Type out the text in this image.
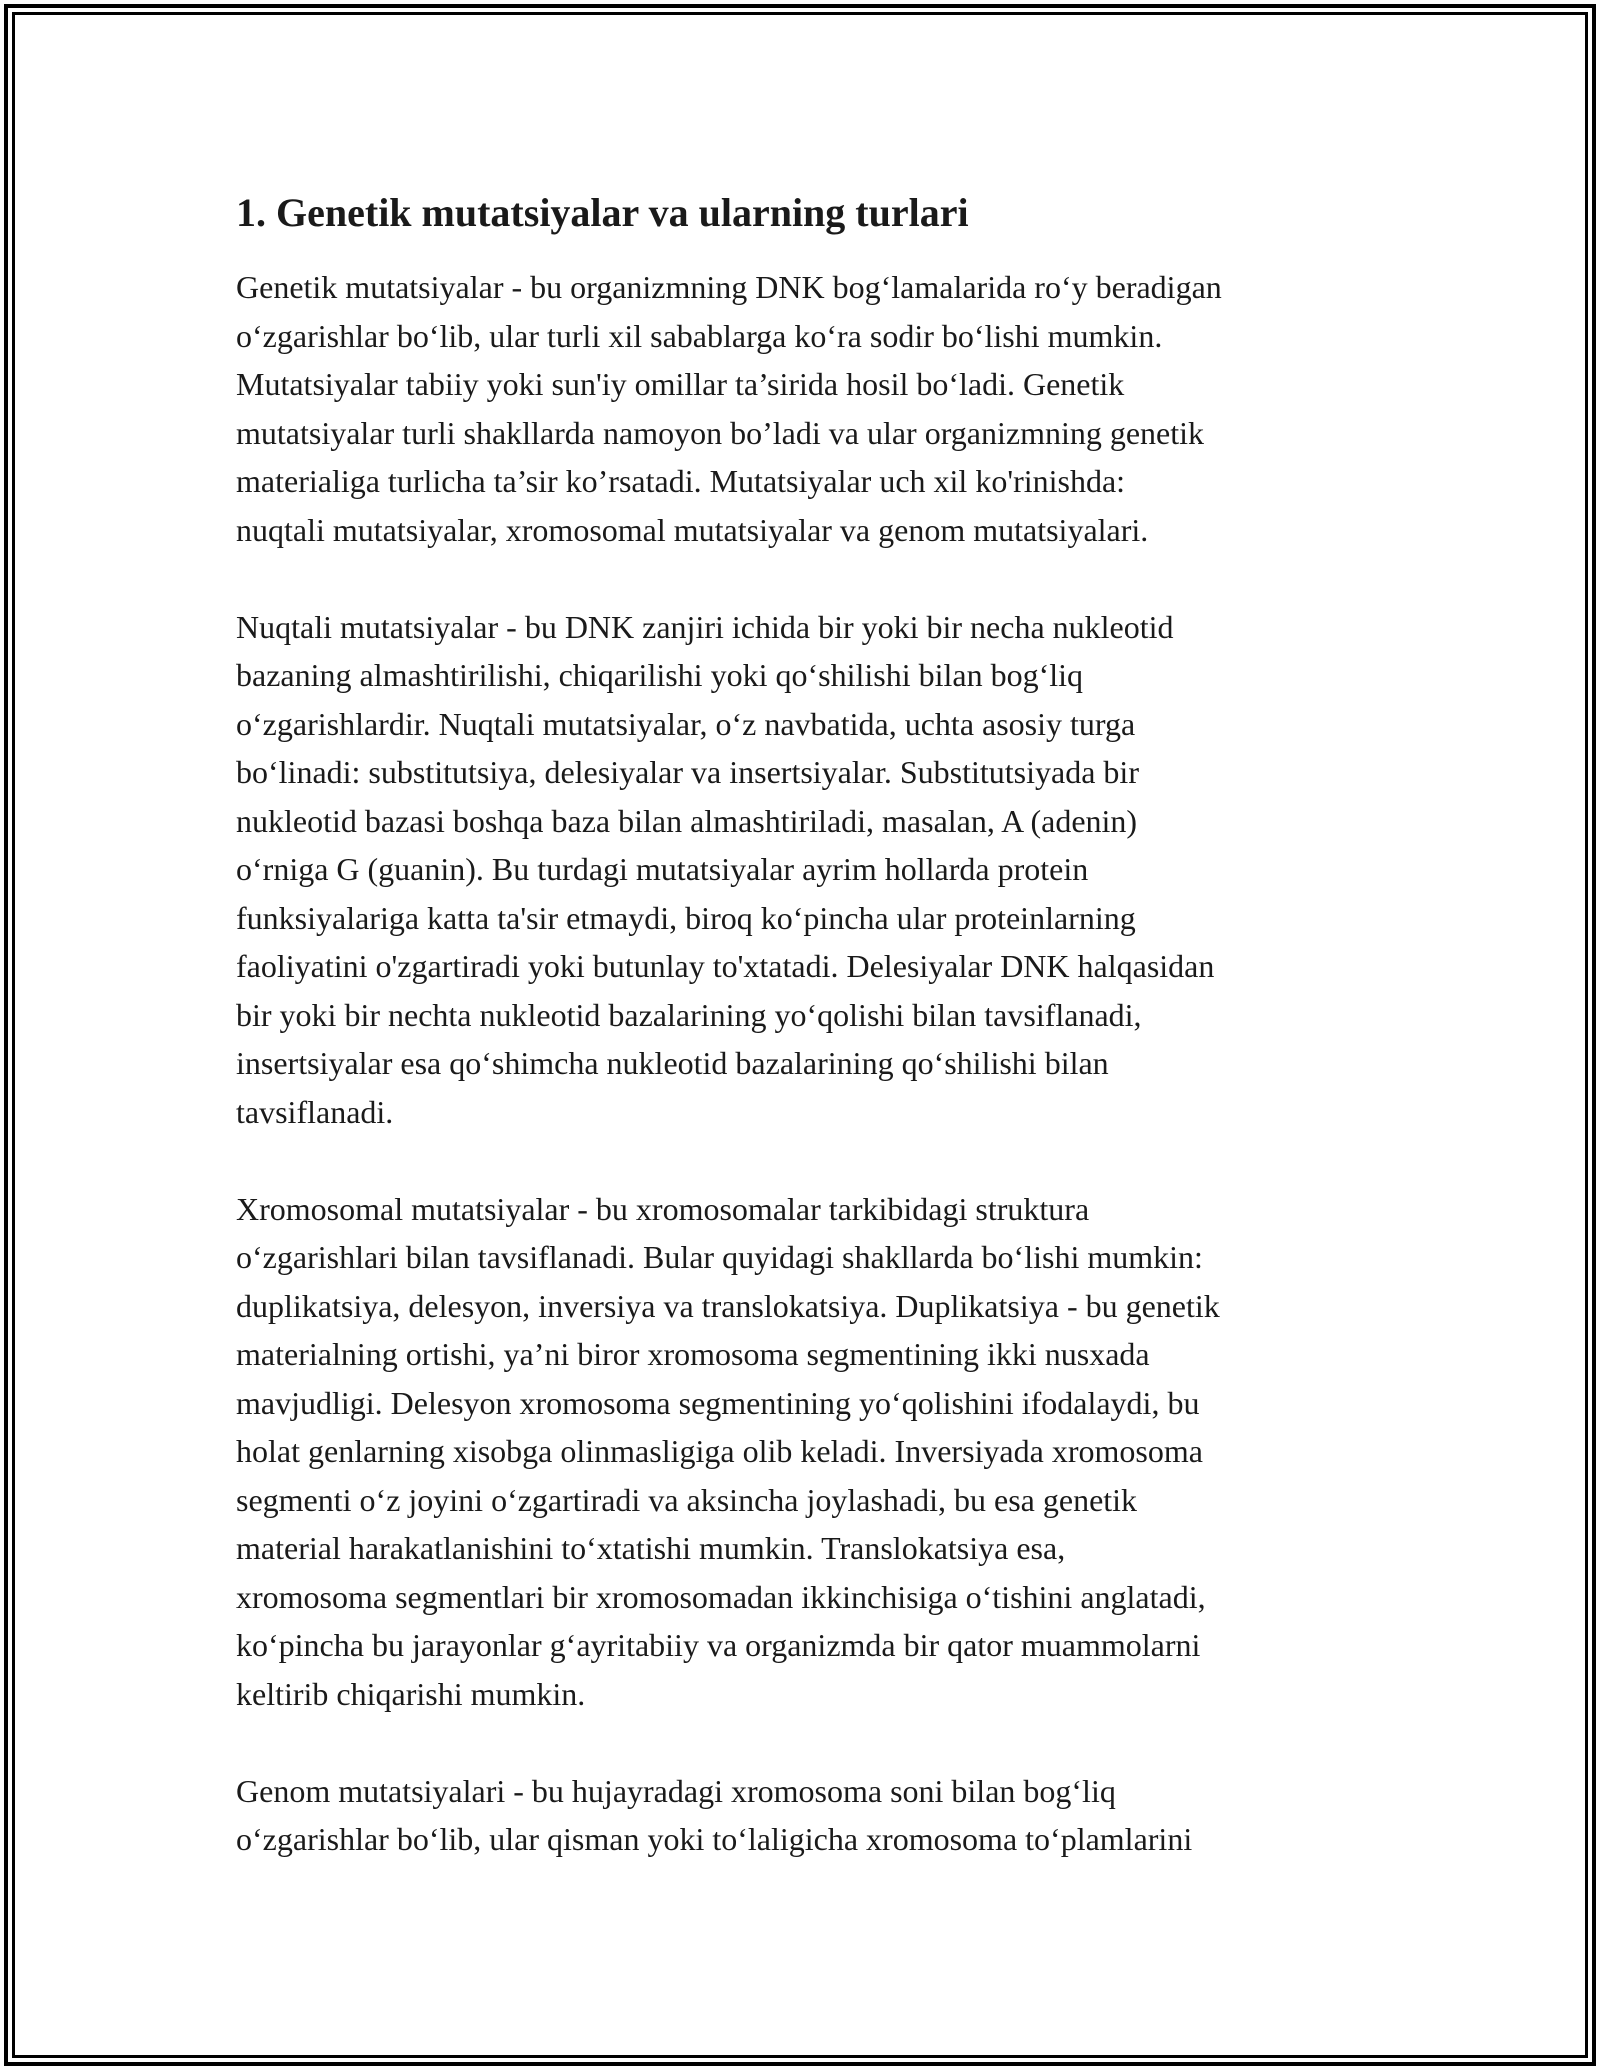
1. Genetik mutatsiyalar va ularning turlari

Genetik mutatsiyalar - bu organizmning DNK bog‘lamalarida ro‘y beradigan
o‘zgarishlar bo‘lib, ular turli xil sabablarga ko‘ra sodir bo‘lishi mumkin.
Mutatsiyalar tabiiy yoki sun'iy omillar ta’sirida hosil bo‘ladi. Genetik
mutatsiyalar turli shakllarda namoyon bo’ladi va ular organizmning genetik
materialiga turlicha ta’sir ko’rsatadi. Mutatsiyalar uch xil ko'rinishda:
nuqtali mutatsiyalar, xromosomal mutatsiyalar va genom mutatsiyalari.

Nuqtali mutatsiyalar - bu DNK zanjiri ichida bir yoki bir necha nukleotid
bazaning almashtirilishi, chiqarilishi yoki qo‘shilishi bilan bog‘liq
o‘zgarishlardir. Nuqtali mutatsiyalar, o‘z navbatida, uchta asosiy turga
bo‘linadi: substitutsiya, delesiyalar va insertsiyalar. Substitutsiyada bir
nukleotid bazasi boshqa baza bilan almashtiriladi, masalan, A (adenin)
o‘rniga G (guanin). Bu turdagi mutatsiyalar ayrim hollarda protein
funksiyalariga katta ta'sir etmaydi, biroq ko‘pincha ular proteinlarning
faoliyatini o'zgartiradi yoki butunlay to'xtatadi. Delesiyalar DNK halqasidan
bir yoki bir nechta nukleotid bazalarining yo‘qolishi bilan tavsiflanadi,
insertsiyalar esa qo‘shimcha nukleotid bazalarining qo‘shilishi bilan
tavsiflanadi.

Xromosomal mutatsiyalar - bu xromosomalar tarkibidagi struktura
o‘zgarishlari bilan tavsiflanadi. Bular quyidagi shakllarda bo‘lishi mumkin:
duplikatsiya, delesyon, inversiya va translokatsiya. Duplikatsiya - bu genetik
materialning ortishi, ya’ni biror xromosoma segmentining ikki nusxada
mavjudligi. Delesyon xromosoma segmentining yo‘qolishini ifodalaydi, bu
holat genlarning xisobga olinmasligiga olib keladi. Inversiyada xromosoma
segmenti o‘z joyini o‘zgartiradi va aksincha joylashadi, bu esa genetik
material harakatlanishini to‘xtatishi mumkin. Translokatsiya esa,
xromosoma segmentlari bir xromosomadan ikkinchisiga o‘tishini anglatadi,
ko‘pincha bu jarayonlar g‘ayritabiiy va organizmda bir qator muammolarni
keltirib chiqarishi mumkin.

Genom mutatsiyalari - bu hujayradagi xromosoma soni bilan bog‘liq
o‘zgarishlar bo‘lib, ular qisman yoki to‘laligicha xromosoma to‘plamlarini
